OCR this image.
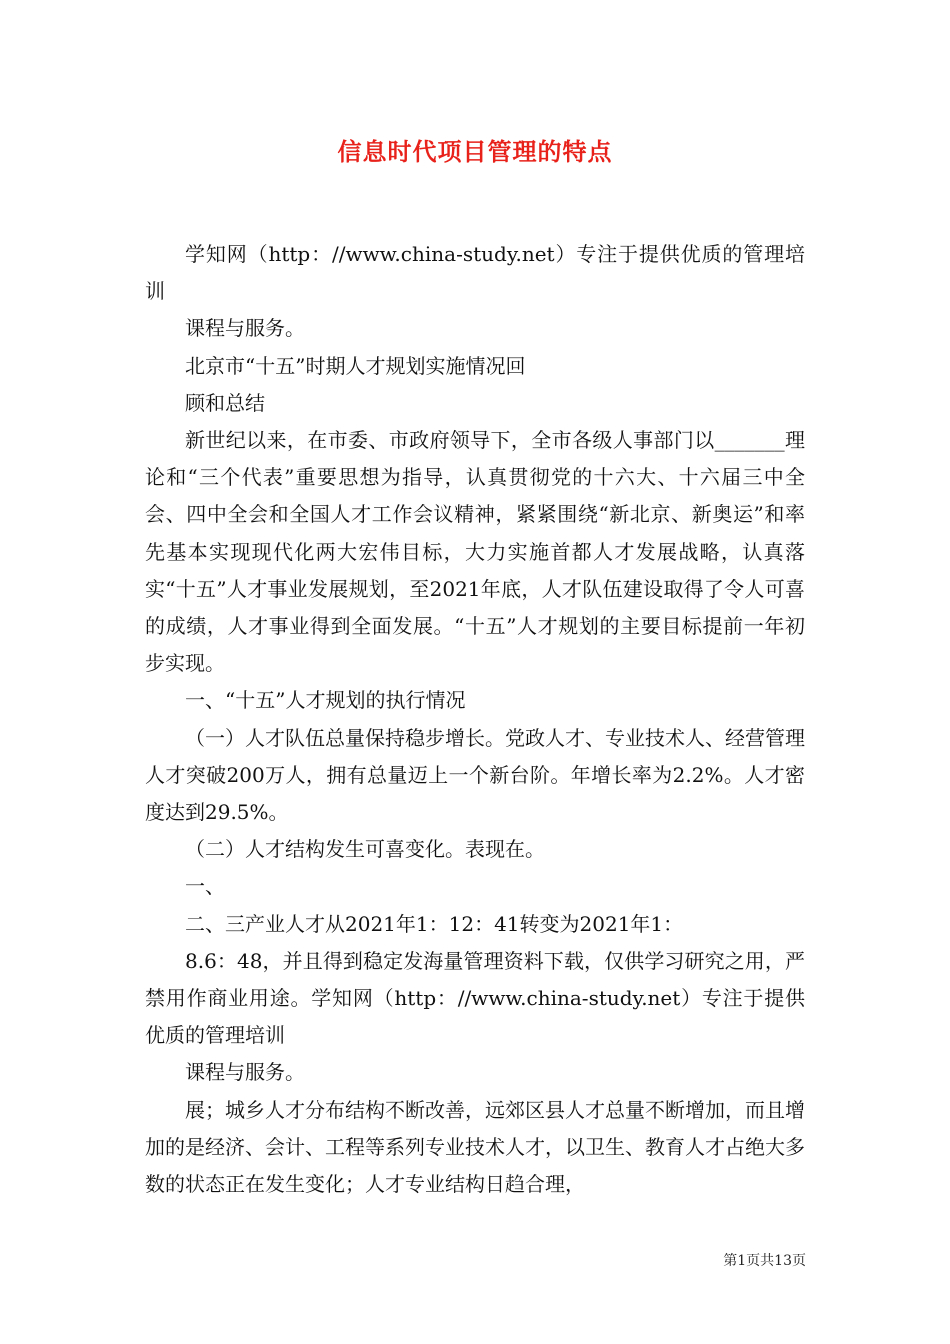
信息时代项目管理的特点

学知网（http：//www.china-study.net）专注于提供优质的管理培训

课程与服务。

北京市“十五”时期人才规划实施情况回

顾和总结

新世纪以来，在市委、市政府领导下，全市各级人事部门以_______理论和“三个代表”重要思想为指导，认真贯彻党的十六大、十六届三中全会、四中全会和全国人才工作会议精神，紧紧围绕“新北京、新奥运”和率先基本实现现代化两大宏伟目标，大力实施首都人才发展战略，认真落实“十五”人才事业发展规划，至2021年底，人才队伍建设取得了令人可喜的成绩，人才事业得到全面发展。“十五”人才规划的主要目标提前一年初步实现。

一、“十五”人才规划的执行情况

（一）人才队伍总量保持稳步增长。党政人才、专业技术人、经营管理人才突破200万人，拥有总量迈上一个新台阶。年增长率为2.2%。人才密度达到29.5%。

（二）人才结构发生可喜变化。表现在。

一、

二、三产业人才从2021年1：12：41转变为2021年1：

8.6：48，并且得到稳定发海量管理资料下载，仅供学习研究之用，严禁用作商业用途。学知网（http：//www.china-study.net）专注于提供优质的管理培训

课程与服务。

展；城乡人才分布结构不断改善，远郊区县人才总量不断增加，而且增加的是经济、会计、工程等系列专业技术人才，以卫生、教育人才占绝大多数的状态正在发生变化；人才专业结构日趋合理，

第1页共13页
